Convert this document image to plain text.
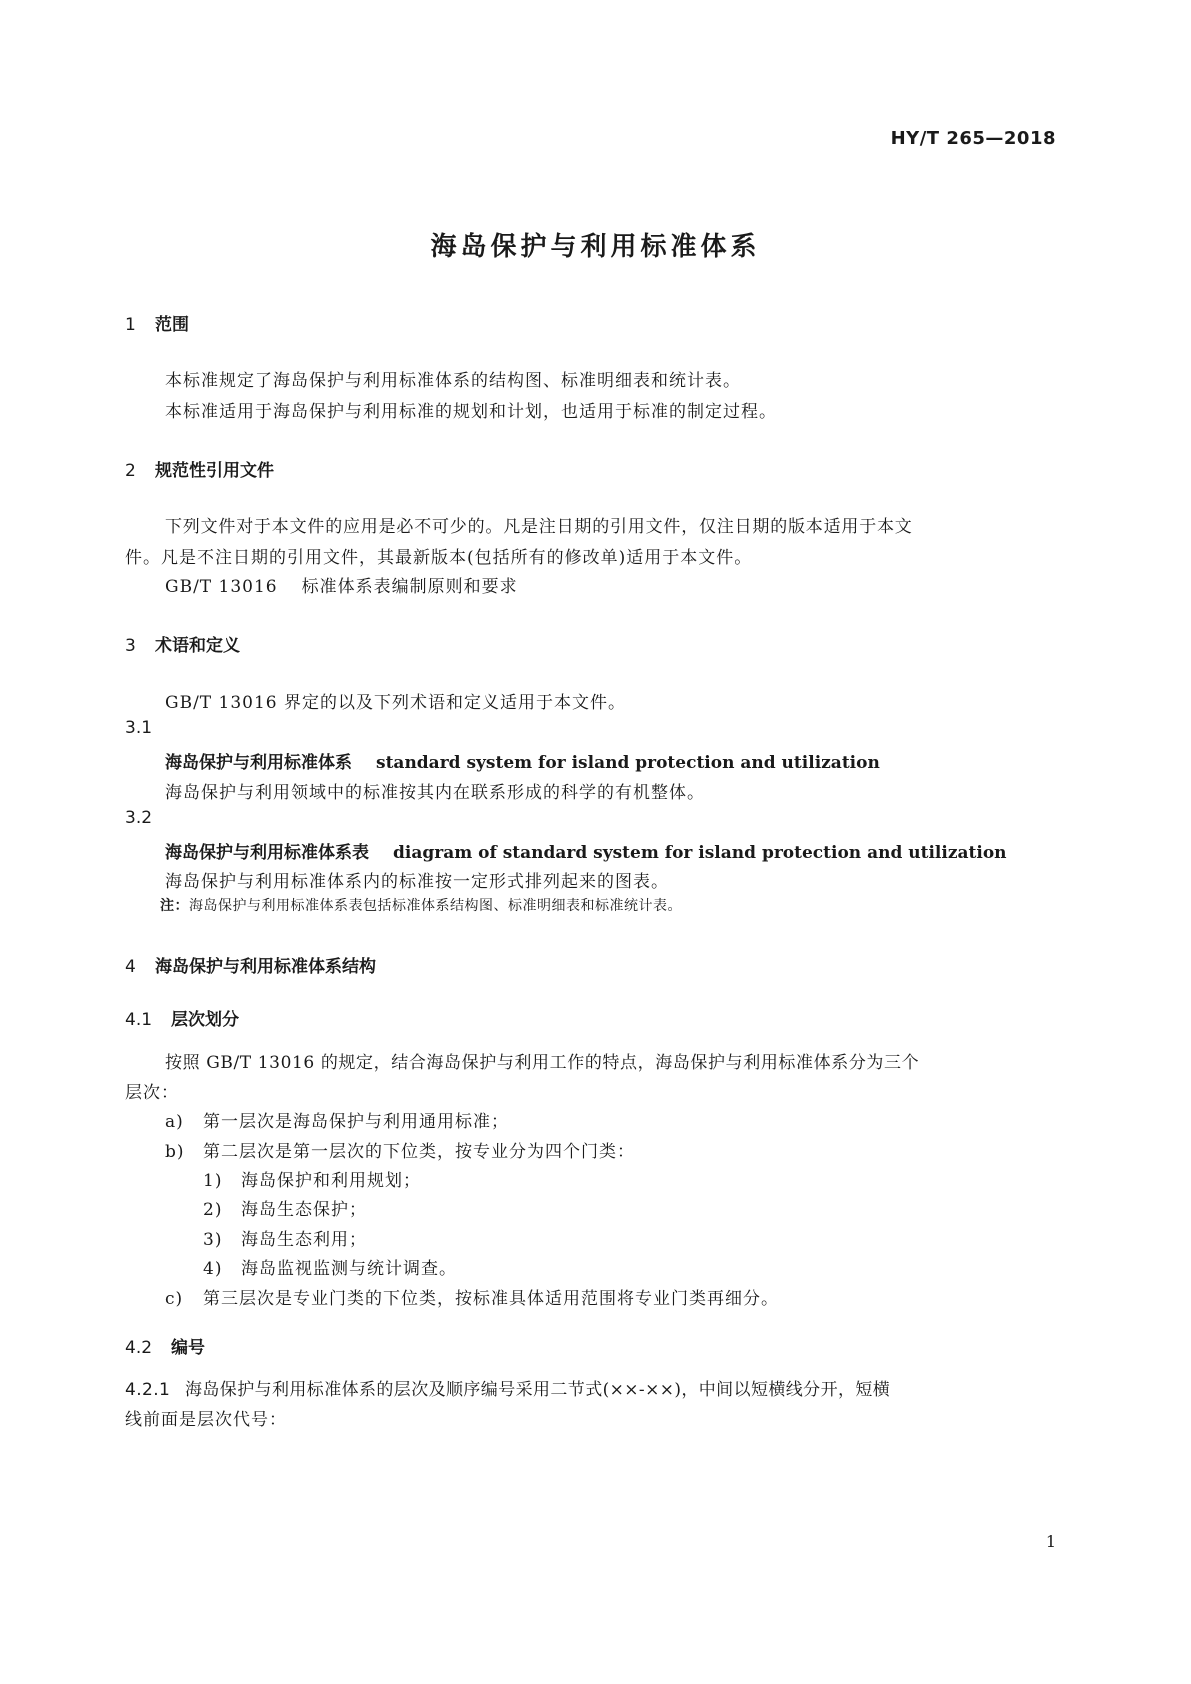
HY/T 265—2018
海岛保护与利用标准体系
1 范围
本标准规定了海岛保护与利用标准体系的结构图、标准明细表和统计表。
本标准适用于海岛保护与利用标准的规划和计划，也适用于标准的制定过程。
2 规范性引用文件
下列文件对于本文件的应用是必不可少的。凡是注日期的引用文件，仅注日期的版本适用于本文
件。凡是不注日期的引用文件，其最新版本(包括所有的修改单)适用于本文件。
GB/T 13016 标准体系表编制原则和要求
3 术语和定义
GB/T 13016 界定的以及下列术语和定义适用于本文件。
3.1
海岛保护与利用标准体系 standard system for island protection and utilization
海岛保护与利用领域中的标准按其内在联系形成的科学的有机整体。
3.2
海岛保护与利用标准体系表 diagram of standard system for island protection and utilization
海岛保护与利用标准体系内的标准按一定形式排列起来的图表。
注：海岛保护与利用标准体系表包括标准体系结构图、标准明细表和标准统计表。
4 海岛保护与利用标准体系结构
4.1 层次划分
按照 GB/T 13016 的规定，结合海岛保护与利用工作的特点，海岛保护与利用标准体系分为三个
层次：
a) 第一层次是海岛保护与利用通用标准；
b) 第二层次是第一层次的下位类，按专业分为四个门类：
1) 海岛保护和利用规划；
2) 海岛生态保护；
3) 海岛生态利用；
4) 海岛监视监测与统计调查。
c) 第三层次是专业门类的下位类，按标准具体适用范围将专业门类再细分。
4.2 编号
4.2.1 海岛保护与利用标准体系的层次及顺序编号采用二节式(××-××)，中间以短横线分开，短横
线前面是层次代号：
1
